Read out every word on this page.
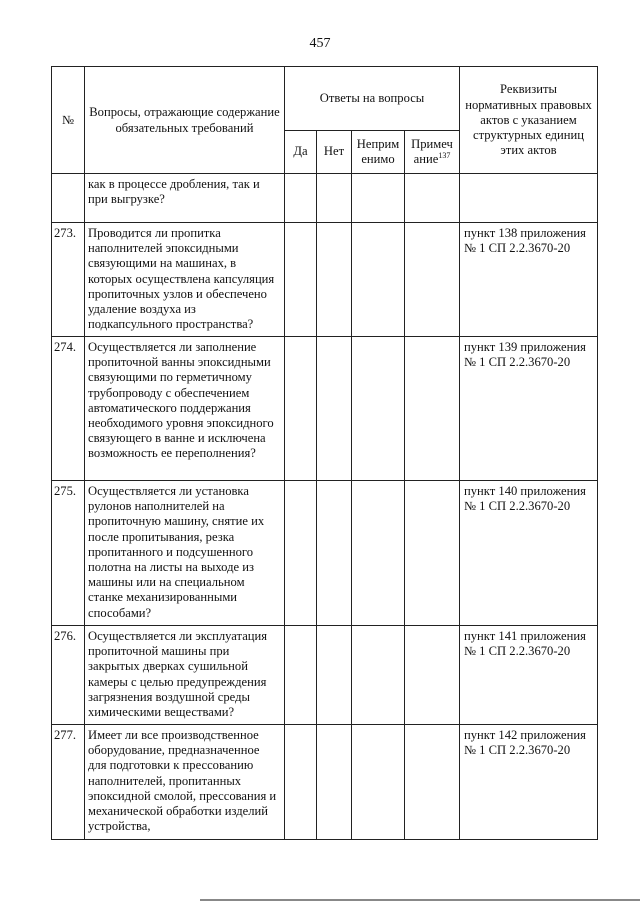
457
№	Вопросы, отражающие содержание обязательных требований	Ответы на вопросы				Реквизиты нормативных правовых актов с указанием структурных единиц этих актов
		Да	Нет	Неприм енимо	Примеч ание$^{137}$
	как в процессе дробления, так и при выгрузке?					
273.	Проводится ли пропитка наполнителей эпоксидными связующими на машинах, в которых осуществлена капсуляция пропиточных узлов и обеспечено удаление воздуха из подкапсульного пространства?					пункт 138 приложения № 1 СП 2.2.3670-20
274.	Осуществляется ли заполнение пропиточной ванны эпоксидными связующими по герметичному трубопроводу с обеспечением автоматического поддержания необходимого уровня эпоксидного связующего в ванне и исключена возможность ее переполнения?					пункт 139 приложения № 1 СП 2.2.3670-20
275.	Осуществляется ли установка рулонов наполнителей на пропиточную машину, снятие их после пропитывания, резка пропитанного и подсушенного полотна на листы на выходе из машины или на специальном станке механизированными способами?					пункт 140 приложения № 1 СП 2.2.3670-20
276.	Осуществляется ли эксплуатация пропиточной машины при закрытых дверках сушильной камеры с целью предупреждения загрязнения воздушной среды химическими веществами?					пункт 141 приложения № 1 СП 2.2.3670-20
277.	Имеет ли все производственное оборудование, предназначенное для подготовки к прессованию наполнителей, пропитанных эпоксидной смолой, прессования и механической обработки изделий устройства,					пункт 142 приложения № 1 СП 2.2.3670-20
